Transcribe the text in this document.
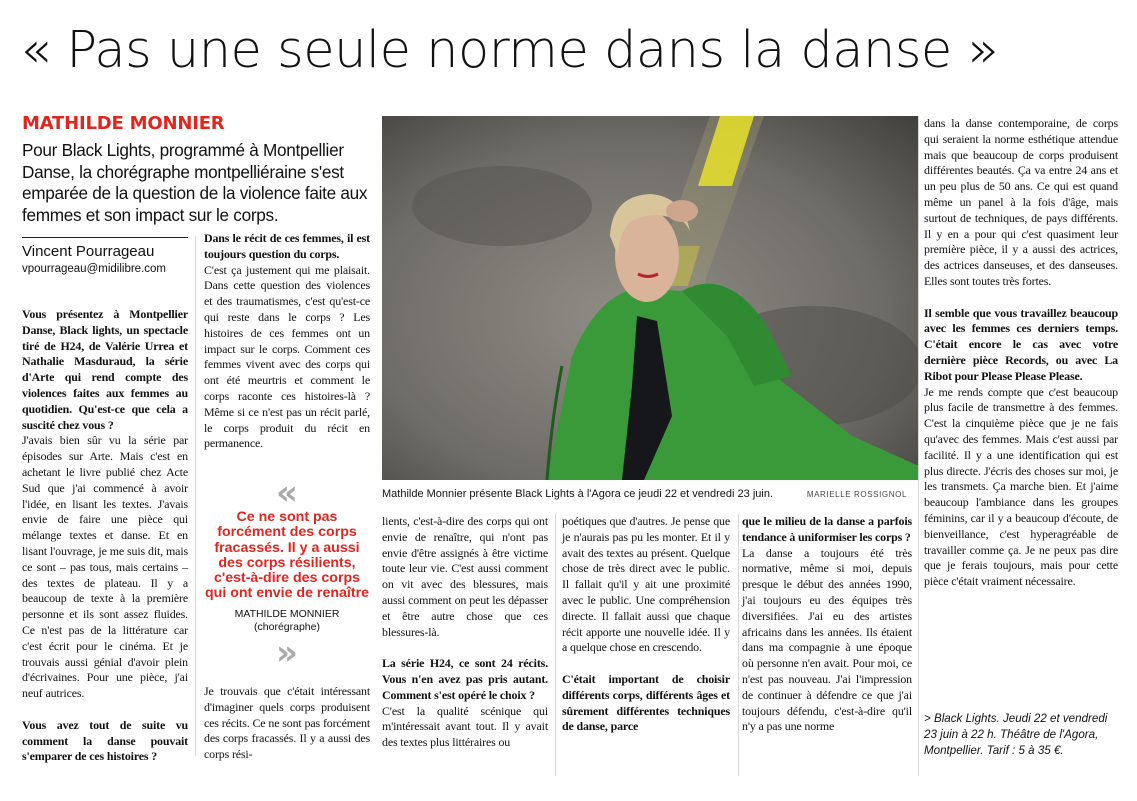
« Pas une seule norme dans la danse »
MATHILDE MONNIER

Pour Black Lights, programmé à Montpellier Danse, la chorégraphe montpelliéraine s'est emparée de la question de la violence faite aux femmes et son impact sur le corps.

Vincent Pourrageau
vpourrageau@midilibre.com

Vous présentez à Montpellier Danse, Black lights, un spectacle tiré de H24, de Valérie Urrea et Nathalie Masduraud, la série d'Arte qui rend compte des violences faites aux femmes au quotidien. Qu'est-ce que cela a suscité chez vous ?

J'avais bien sûr vu la série par épisodes sur Arte. Mais c'est en achetant le livre publié chez Acte Sud que j'ai commencé à avoir l'idée, en lisant les textes. J'avais envie de faire une pièce qui mélange textes et danse. Et en lisant l'ouvrage, je me suis dit, mais ce sont – pas tous, mais certains – des textes de plateau. Il y a beaucoup de texte à la première personne et ils sont assez fluides. Ce n'est pas de la littérature car c'est écrit pour le cinéma. Et je trouvais aussi génial d'avoir plein d'écrivaines. Pour une pièce, j'ai neuf autrices.

Vous avez tout de suite vu comment la danse pouvait s'emparer de ces histoires ?

Dans le récit de ces femmes, il est toujours question du corps.

C'est ça justement qui me plaisait. Dans cette question des violences et des traumatismes, c'est qu'est-ce qui reste dans le corps ? Les histoires de ces femmes ont un impact sur le corps. Comment ces femmes vivent avec des corps qui ont été meurtris et comment le corps raconte ces histoires-là ? Même si ce n'est pas un récit parlé, le corps produit du récit en permanence.

«

Ce ne sont pas forcément des corps fracassés. Il y a aussi des corps résilients, c'est-à-dire des corps qui ont envie de renaître

MATHILDE MONNIER
(chorégraphe)
»

Je trouvais que c'était intéressant d'imaginer quels corps produisent ces récits. Ce ne sont pas forcément des corps fracassés. Il y a aussi des corps rési-

Mathilde Monnier présente Black Lights à l'Agora ce jeudi 22 et vendredi 23 juin.	MARIELLE ROSSIGNOL

lients, c'est-à-dire des corps qui ont envie de renaître, qui n'ont pas envie d'être assignés à être victime toute leur vie. C'est aussi comment on vit avec des blessures, mais aussi comment on peut les dépasser et être autre chose que ces blessures-là.

La série H24, ce sont 24 récits. Vous n'en avez pas pris autant. Comment s'est opéré le choix ?

C'est la qualité scénique qui m'intéressait avant tout. Il y avait des textes plus littéraires ou

poétiques que d'autres. Je pense que je n'aurais pas pu les monter. Et il y avait des textes au présent. Quelque chose de très direct avec le public. Il fallait qu'il y ait une proximité avec le public. Une compréhension directe. Il fallait aussi que chaque récit apporte une nouvelle idée. Il y a quelque chose en crescendo.

C'était important de choisir différents corps, différents âges et sûrement différentes techniques de danse, parce

que le milieu de la danse a parfois tendance à uniformiser les corps ?

La danse a toujours été très normative, même si moi, depuis presque le début des années 1990, j'ai toujours eu des équipes très diversifiées. J'ai eu des artistes africains dans les années. Ils étaient dans ma compagnie à une époque où personne n'en avait. Pour moi, ce n'est pas nouveau. J'ai l'impression de continuer à défendre ce que j'ai toujours défendu, c'est-à-dire qu'il n'y a pas une norme

dans la danse contemporaine, de corps qui seraient la norme esthétique attendue mais que beaucoup de corps produisent différentes beautés. Ça va entre 24 ans et un peu plus de 50 ans. Ce qui est quand même un panel à la fois d'âge, mais surtout de techniques, de pays différents. Il y en a pour qui c'est quasiment leur première pièce, il y a aussi des actrices, des actrices danseuses, et des danseuses. Elles sont toutes très fortes.

Il semble que vous travaillez beaucoup avec les femmes ces derniers temps. C'était encore le cas avec votre dernière pièce Records, ou avec La Ribot pour Please Please Please.

Je me rends compte que c'est beaucoup plus facile de transmettre à des femmes. C'est la cinquième pièce que je ne fais qu'avec des femmes. Mais c'est aussi par facilité. Il y a une identification qui est plus directe. J'écris des choses sur moi, je les transmets. Ça marche bien. Et j'aime beaucoup l'ambiance dans les groupes féminins, car il y a beaucoup d'écoute, de bienveillance, c'est hyperagréable de travailler comme ça. Je ne peux pas dire que je ferais toujours, mais pour cette pièce c'était vraiment nécessaire.

> Black Lights. Jeudi 22 et vendredi 23 juin à 22 h. Théâtre de l'Agora, Montpellier. Tarif : 5 à 35 €.
